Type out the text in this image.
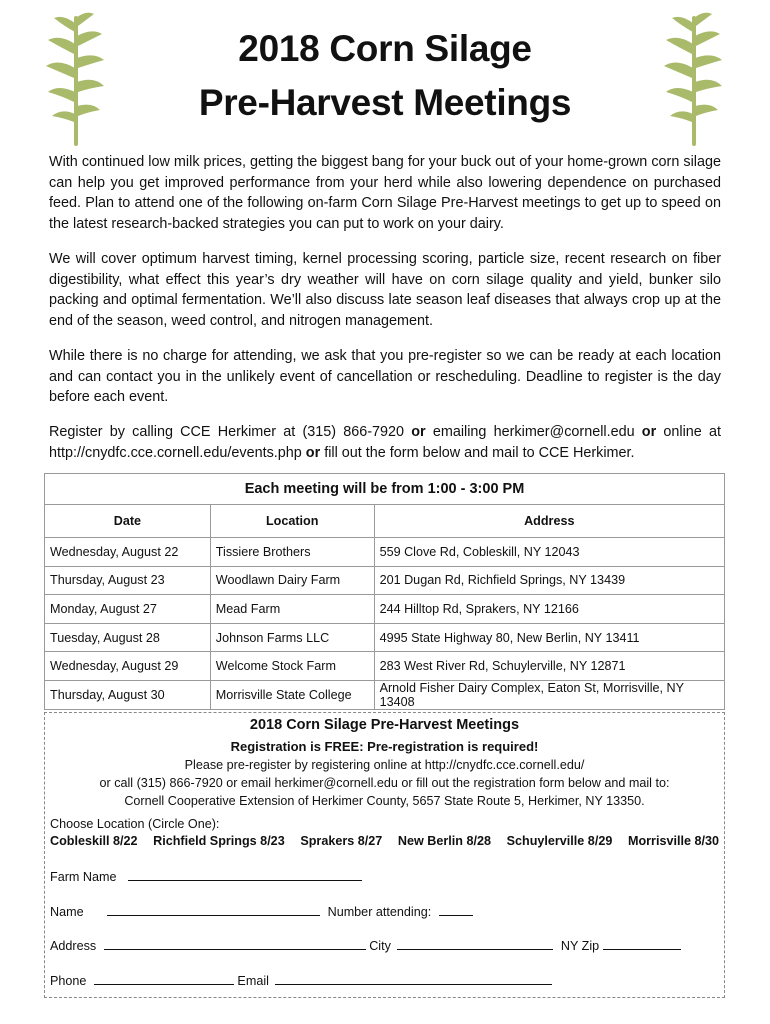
2018 Corn Silage
Pre-Harvest Meetings

With continued low milk prices, getting the biggest bang for your buck out of your home-grown corn silage can help you get improved performance from your herd while also lowering dependence on purchased feed. Plan to attend one of the following on-farm Corn Silage Pre-Harvest meetings to get up to speed on the latest research-backed strategies you can put to work on your dairy.

We will cover optimum harvest timing, kernel processing scoring, particle size, recent research on fiber digestibility, what effect this year’s dry weather will have on corn silage quality and yield, bunker silo packing and optimal fermentation. We’ll also discuss late season leaf diseases that always crop up at the end of the season, weed control, and nitrogen management.

While there is no charge for attending, we ask that you pre-register so we can be ready at each location and can contact you in the unlikely event of cancellation or rescheduling. Deadline to register is the day before each event.

Register by calling CCE Herkimer at (315) 866-7920 or emailing herkimer@cornell.edu or online at http://cnydfc.cce.cornell.edu/events.php or fill out the form below and mail to CCE Herkimer.

Each meeting will be from 1:00 - 3:00 PM		
Date	Location	Address
Wednesday, August 22	Tissiere Brothers	559 Clove Rd, Cobleskill, NY 12043
Thursday, August 23	Woodlawn Dairy Farm	201 Dugan Rd, Richfield Springs, NY 13439
Monday, August 27	Mead Farm	244 Hilltop Rd, Sprakers, NY 12166
Tuesday, August 28	Johnson Farms LLC	4995 State Highway 80, New Berlin, NY 13411
Wednesday, August 29	Welcome Stock Farm	283 West River Rd, Schuylerville, NY 12871
Thursday, August 30	Morrisville State College	Arnold Fisher Dairy Complex, Eaton St, Morrisville, NY 13408
2018 Corn Silage Pre-Harvest Meetings
Registration is FREE: Pre-registration is required!
Please pre-register by registering online at http://cnydfc.cce.cornell.edu/
or call (315) 866-7920 or email herkimer@cornell.edu or fill out the registration form below and mail to:
Cornell Cooperative Extension of Herkimer County, 5657 State Route 5, Herkimer, NY 13350.
Choose Location (Circle One):
Cobleskill 8/22 Richfield Springs 8/23 Sprakers 8/27 New Berlin 8/28 Schuylerville 8/29 Morrisville 8/30
Farm Name
Name	Number attending:
Address	City	NY Zip
Phone	Email
